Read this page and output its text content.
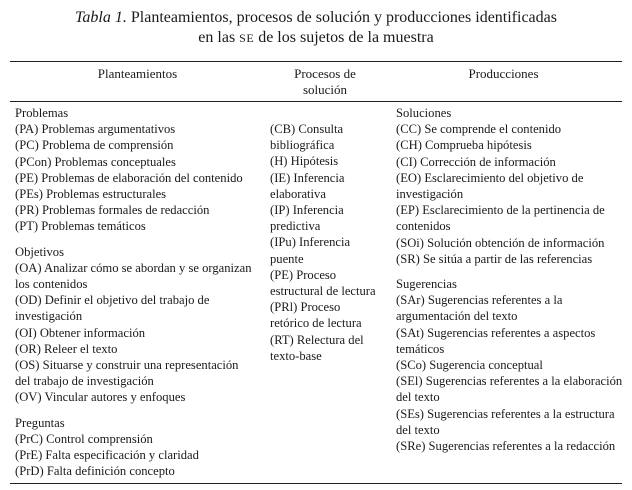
Tabla 1. Planteamientos, procesos de solución y producciones identificadas
en las SE de los sujetos de la muestra
Planteamientos	Procesos de
solución
Producciones
Problemas
(PA) Problemas argumentativos
(PC) Problema de comprensión
(PCon) Problemas conceptuales
(PE) Problemas de elaboración del contenido
(PEs) Problemas estructurales
(PR) Problemas formales de redacción
(PT) Problemas temáticos
Objetivos
(OA) Analizar cómo se abordan y se organizan
los contenidos
(OD) Definir el objetivo del trabajo de
investigación
(OI) Obtener información
(OR) Releer el texto
(OS) Situarse y construir una representación
del trabajo de investigación
(OV) Vincular autores y enfoques
Preguntas
(PrC) Control comprensión
(PrE) Falta especificación y claridad
(PrD) Falta definición concepto
(CB) Consulta
bibliográfica
(H) Hipótesis
(IE) Inferencia
elaborativa
(IP) Inferencia
predictiva
(IPu) Inferencia
puente
(PE) Proceso
estructural de lectura
(PRl) Proceso
retórico de lectura
(RT) Relectura del
texto-base
Soluciones
(CC) Se comprende el contenido
(CH) Comprueba hipótesis
(CI) Corrección de información
(EO) Esclarecimiento del objetivo de
investigación
(EP) Esclarecimiento de la pertinencia de
contenidos
(SOi) Solución obtención de información
(SR) Se sitúa a partir de las referencias
Sugerencias
(SAr) Sugerencias referentes a la
argumentación del texto
(SAt) Sugerencias referentes a aspectos
temáticos
(SCo) Sugerencia conceptual
(SEl) Sugerencias referentes a la elaboración
del texto
(SEs) Sugerencias referentes a la estructura
del texto
(SRe) Sugerencias referentes a la redacción
